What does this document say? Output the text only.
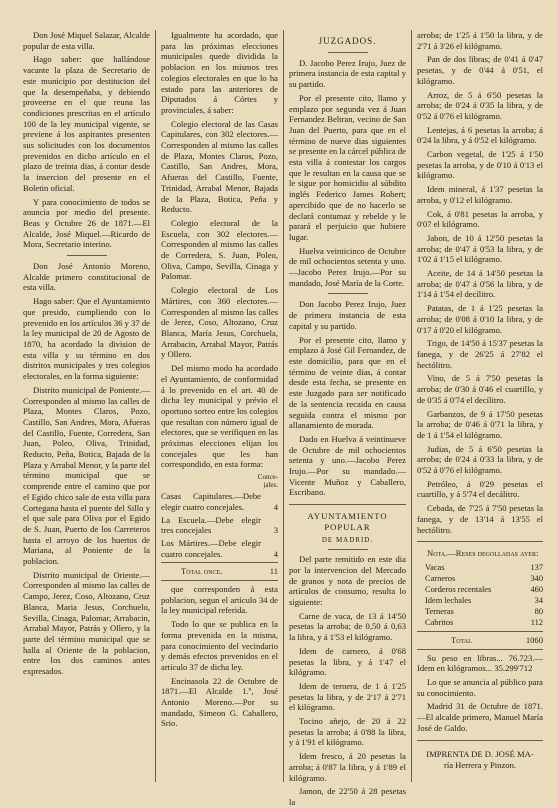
Don José Miquel Salazar, Alcalde popular de esta villa.

Hago saber: que hallándose vacante la plaza de Secretario de este municipio por destitucion del que la desempeñaba, y debiendo proveerse en el que reuna las condiciones prescritas en el artículo 100 de la ley municipal vigente, se previene á los aspirantes presenten sus solicitudes con los documentos prevenidos en dicho artículo en el plazo de treinta dias, á contar desde la insercion del presente en el Boletin oficial.

Y para conocimiento de todos se anuncia por medio del presente. Beas y Octubre 26 de 1871.—El Alcalde, José Miquel.—Ricardo de Mora, Secretario interino.

Don José Antonio Moreno, Alcalde primero constitucional de esta villa.

Hago saber: Que el Ayuntamiento que presido, cumpliendo con lo prevenido en los artículos 36 y 37 de la ley municipal de 20 de Agosto de 1870, ha acordado la division de esta villa y su término en dos distritos municipales y tres colegios electorales, en la forma siguiente:

Distrito municipal de Poniente.—Corresponden al mismo las calles de Plaza, Montes Claros, Pozo, Castillo, San Andres, Mora, Afueras del Castillo, Fuente, Corredera, San Juan, Poleo, Oliva, Trinidad, Reducto, Peña, Botica, Bajada de la Plaza y Arrabal Menor, y la parte del término municipal que se comprende entre el camino que por el Egido chico sale de esta villa para Cortegana hasta el puente del Sillo y el que sale para Oliva por el Egido de S. Juan, Puerto de los Carreteros hasta el arroyo de los huertos de Mariana, al Poniente de la poblacion.

Distrito municipal de Oriente.—Corresponden al mismo las calles de Campo, Jerez, Coso, Altozano, Cruz Blanca, Maria Jesus, Corchuelo, Sevilla, Cinaga, Palomar, Arrabacin, Arrabal Mayor, Patrás y Ollero, y la parte del término municipal que se halla al Oriente de la poblacion, entre los dos caminos antes expresados.

Igualmente ha acordado, que para las próximas elecciones municipales quede dividida la poblacion en los mismos tres colegios electorales en que lo ha estado para las anteriores de Diputados á Córtes y provinciales, á saber:

Colegio electoral de las Casas Capitulares, con 302 electores.—Corresponden al mismo las calles de Plaza, Montes Claros, Pozo, Castillo, San Andres, Mora, Afueras del Castillo, Fuente, Trinidad, Arrabal Menor, Bajada de la Plaza, Botica, Peña y Reducto.

Colegio electoral de la Escuela, con 302 electores.—Corresponden al mismo las calles de Corredera, S. Juan, Poleo, Oliva, Campo, Sevilla, Cinaga y Palomar.

Colegio electoral de Los Mártires, con 360 electores.—Corresponden al mismo las calles de Jerez, Coso, Altozano, Cruz Blanca, María Jesus, Corchuela, Arrabacin, Arrabal Mayor, Patrás y Ollero.

Del mismo modo ha acordado el Ayuntamiento, de conformidad á lo prevenido en el art. 40 de dicha ley municipal y prévio el oportuno sorteo entre los colegios que resultan con número igual de electores, que se verifiquen en las próximas elecciones elijan los concejales que les han correspondido, en esta forma:

Conce-
jales.
Casas Capitulares.—Debe elegir cuatro concejales.	4
La Escuela.—Debe elegir tres concejales	3
Los Mártires.—Debe elegir cuatro concejales.	4
Total once.	11

que corresponden á esta poblacion, segun el artículo 34 de la ley municipal referida.

Todo lo que se publica en la forma prevenida en la misma, para conocimiento del vecindario y demás efectos prevenidos en el artículo 37 de dicha ley.

Encinasola 22 de Octubre de 1871.—El Alcalde 1.º, José Antonio Moreno.—Por su mandado, Simeon G. Caballero, Srio.

JUZGADOS.

D. Jacobo Perez Irujo, Juez de primera instancia de esta capital y su partido.

Por el presente cito, llamo y emplazo por segunda vez á Juan Fernandez Beltran, vecino de San Juan del Puerto, para que en el término de nueve dias siguientes se presente en la cárcel pública de esta villa á contestar los cargos que le resultan en la causa que se le sigue por homicidio al súbdito inglés Federico James Robert; apercibido que de no hacerlo se declará contumaz y rebelde y le parará el perjuicio que hubiere lugar.

Huelva veinticinco de Octubre de mil ochocientos setenta y uno.—Jacobo Perez Irujo.—Por su mandado, José María de la Corte.

Don Jacobo Perez Irujo, Juez de primera instancia de esta capital y su partido.

Por el presente cito, llamo y emplazo á José Gil Fernandez, de este domicilio, para que en el término de veinte dias, á contar desde esta fecha, se presente en este Juzgado para ser notificado de la sentencia recaida en causa seguida contra el mismo por allanamiento de morada.

Dado en Huelva á veintinueve de Octubre de mil ochocientos setenta y uno.—Jacobo Perez Irujo.—Por su mandado.—Vicente Muñoz y Caballero, Escribano.

AYUNTAMIENTO POPULAR
DE MADRID.

Del parte remitido en este dia por la intervencion del Mercado de granos y nota de precios de artículos de consumo, resulta lo siguiente:

Carne de vaca, de 13 á 14'50 pesetas la arroba; de 0,50 á 0,63 la libra, y á 1'53 el kilógramo.

Idem de carnero, á 0'68 pesetas la libra, y á 1'47 el kilógramo.

Idem de ternera, de 1 á 1'25 pesetas la libra, y de 2'17 á 2'71 el kilógramo.

Tocino añejo, de 20 á 22 pesetas la arroba; á 0'88 la libra, y á 1'91 el kilógramo.

Idem fresco, á 20 pesetas la arroba; á 0'87 la libra, y á 1'89 el kilógramo.

Jamon, de 22'50 á 28 pesetas la

arroba; de 1'25 á 1'50 la libra, y de 2'71 á 3'26 el kilógramo.

Pan de dos libras; de 0'41 á 0'47 pesetas, y de 0'44 á 0'51, el kilógramo.

Arroz, de 5 á 6'50 pesetas la arroba; de 0'24 á 0'35 la libra, y de 0'52 á 0'76 el kilógramo.

Lentejas, á 6 pesetas la arroba; á 0'24 la libra, y á 0'52 el kilógramo.

Carbon vegetal, de 1'25 á 1'50 pesetas la arroba, y de 0'10 á 0'13 el kilógramo.

Idem mineral, á 1'37 pesetas la arroba, y 0'12 el kilógramo.

Cok, á 0'81 pesetas la arroba, y 0'07 el kilógramo.

Jabon, de 10 á 12'50 pesetas la arroba; de 0'47 á 0'53 la libra, y de 1'02 á 1'15 el kilógramo.

Aceite, de 14 á 14'50 pesetas la arroba; de 0'47 á 0'56 la libra, y de 1'14 á 1'54 el decílitro.

Patatas, de 1 á 1'25 pesetas la arroba; de 0'08 á 0'10 la libra, y de 0'17 á 0'20 el kilógramo.

Trigo, de 14'50 á 15'37 pesetas la fanega, y de 26'25 á 27'82 el hectólitro.

Vino, de 5 á 7'50 pesetas la arroba; de 0'30 á 0'46 el cuartillo, y de 0'35 á 0'74 el decílitro.

Garbanzos, de 9 á 17'50 pesetas la arroba; de 0'46 á 0'71 la libra, y de 1 á 1'54 el kilógramo.

Judias, de 5 á 6'50 pesetas la arroba; de 0'24 á 0'33 la libra, y de 0'52 á 0'76 el kilógramo.

Petróleo, á 0'29 pesetas el cuartillo, y á 5'74 el decálitro.

Cebada, de 7'25 á 7'50 pesetas la fanega, y de 13'14 á 13'55 el hectólitro.

Nota.—Reses degolladas ayer:

Vacas	137
Carneros	340
Corderos recentales	460
Idem lechales	34
Terneras	80
Cabritos	112
Total	1060

Su peso en libras... 76.723.—Idem en kilógramos... 35.299'712

Lo que se anuncia al público para su conocimiento.

Madrid 31 de Octubre de 1871.—El alcalde primero, Manuel María José de Galdo.

IMPRENTA DE D. JOSÉ MA-
ría Herrera y Pinzon.
